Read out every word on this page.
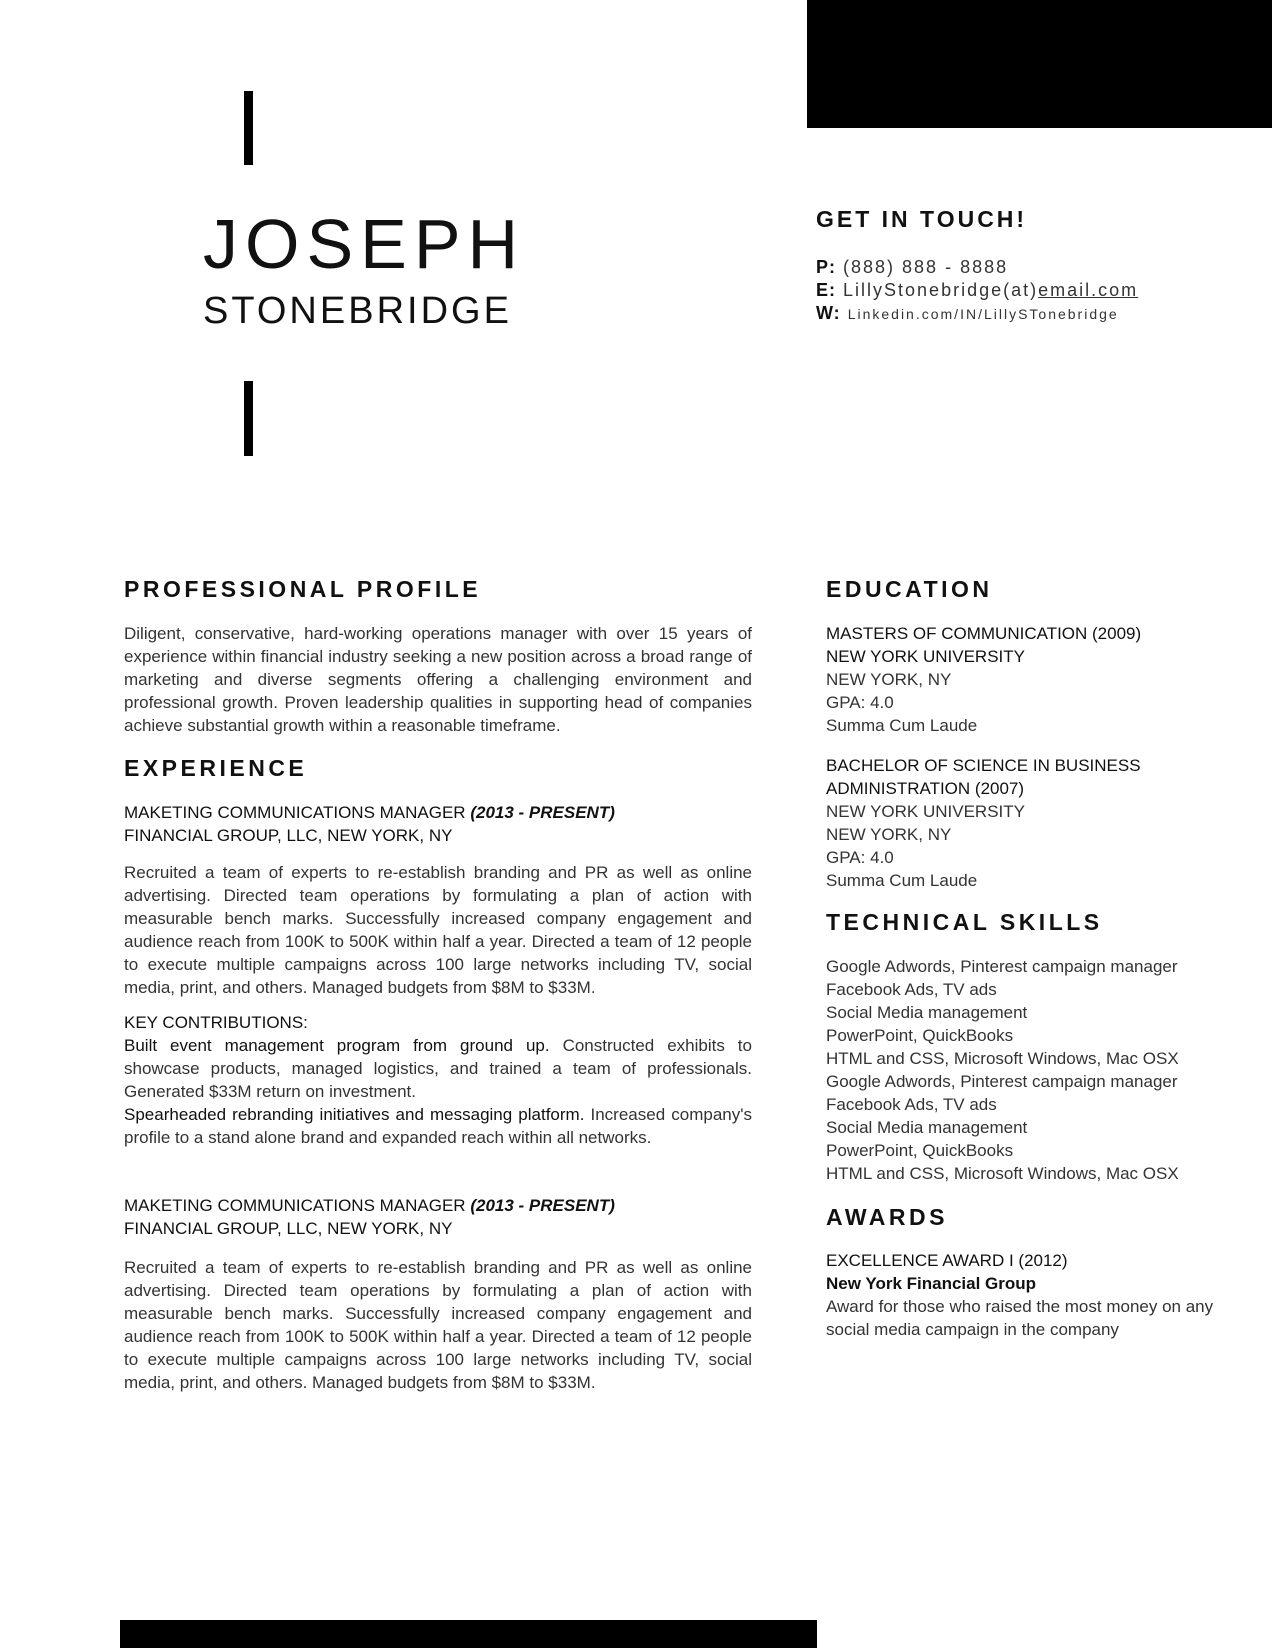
JOSEPH
STONEBRIDGE
GET IN TOUCH!
P: (888) 888 - 8888
E: LillyStonebridge(at)email.com
W: Linkedin.com/IN/LillySTonebridge
PROFESSIONAL PROFILE
Diligent, conservative, hard-working operations manager with over 15 years of experience within financial industry seeking a new position across a broad range of marketing and diverse segments offering a challenging environment and professional growth. Proven leadership qualities in supporting head of companies achieve substantial growth within a reasonable timeframe.
EXPERIENCE
MAKETING COMMUNICATIONS MANAGER (2013 - PRESENT)
FINANCIAL GROUP, LLC, NEW YORK, NY
Recruited a team of experts to re-establish branding and PR as well as online advertising. Directed team operations by formulating a plan of action with measurable bench marks. Successfully increased company engagement and audience reach from 100K to 500K within half a year. Directed a team of 12 people to execute multiple campaigns across 100 large networks including TV, social media, print, and others. Managed budgets from $8M to $33M.
KEY CONTRIBUTIONS:
Built event management program from ground up. Constructed exhibits to showcase products, managed logistics, and trained a team of professionals. Generated $33M return on investment.
Spearheaded rebranding initiatives and messaging platform. Increased company's profile to a stand alone brand and expanded reach within all networks.
MAKETING COMMUNICATIONS MANAGER (2013 - PRESENT)
FINANCIAL GROUP, LLC, NEW YORK, NY
Recruited a team of experts to re-establish branding and PR as well as online advertising. Directed team operations by formulating a plan of action with measurable bench marks. Successfully increased company engagement and audience reach from 100K to 500K within half a year. Directed a team of 12 people to execute multiple campaigns across 100 large networks including TV, social media, print, and others. Managed budgets from $8M to $33M.
EDUCATION
MASTERS OF COMMUNICATION (2009)
NEW YORK UNIVERSITY
NEW YORK, NY
GPA: 4.0
Summa Cum Laude
BACHELOR OF SCIENCE IN BUSINESS
ADMINISTRATION (2007)
NEW YORK UNIVERSITY
NEW YORK, NY
GPA: 4.0
Summa Cum Laude
TECHNICAL SKILLS
Google Adwords, Pinterest campaign manager
Facebook Ads, TV ads
Social Media management
PowerPoint, QuickBooks
HTML and CSS, Microsoft Windows, Mac OSX
Google Adwords, Pinterest campaign manager
Facebook Ads, TV ads
Social Media management
PowerPoint, QuickBooks
HTML and CSS, Microsoft Windows, Mac OSX
AWARDS
EXCELLENCE AWARD I (2012)
New York Financial Group
Award for those who raised the most money on any social media campaign in the company
